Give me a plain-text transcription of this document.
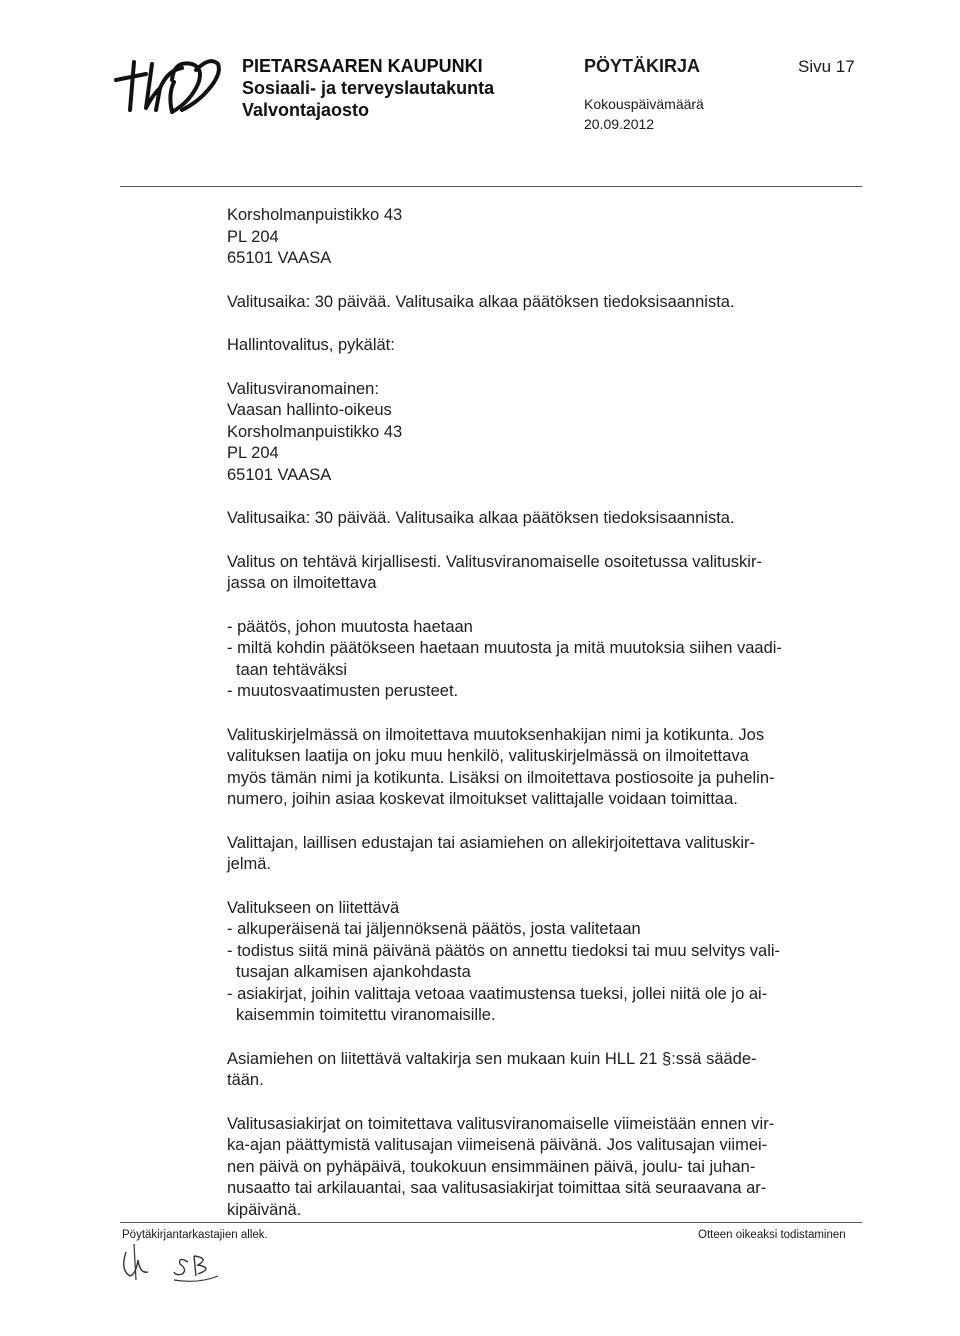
PIETARSAAREN KAUPUNKI
Sosiaali- ja terveyslautakunta
Valvontajaosto
PÖYTÄKIRJA	Sivu 17
Kokouspäivämäärä
20.09.2012
Korsholmanpuistikko 43
PL 204
65101 VAASA
Valitusaika: 30 päivää. Valitusaika alkaa päätöksen tiedoksisaannista.
Hallintovalitus, pykälät:
Valitusviranomainen:
Vaasan hallinto-oikeus
Korsholmanpuistikko 43
PL 204
65101 VAASA
Valitusaika: 30 päivää. Valitusaika alkaa päätöksen tiedoksisaannista.
Valitus on tehtävä kirjallisesti. Valitusviranomaiselle osoitetussa valituskir-
jassa on ilmoitettava
- päätös, johon muutosta haetaan
- miltä kohdin päätökseen haetaan muutosta ja mitä muutoksia siihen vaadi-
taan tehtäväksi
- muutosvaatimusten perusteet.
Valituskirjelmässä on ilmoitettava muutoksenhakijan nimi ja kotikunta. Jos
valituksen laatija on joku muu henkilö, valituskirjelmässä on ilmoitettava
myös tämän nimi ja kotikunta. Lisäksi on ilmoitettava postiosoite ja puhelin-
numero, joihin asiaa koskevat ilmoitukset valittajalle voidaan toimittaa.
Valittajan, laillisen edustajan tai asiamiehen on allekirjoitettava valituskir-
jelmä.
Valitukseen on liitettävä
- alkuperäisenä tai jäljennöksenä päätös, josta valitetaan
- todistus siitä minä päivänä päätös on annettu tiedoksi tai muu selvitys vali-
tusajan alkamisen ajankohdasta
- asiakirjat, joihin valittaja vetoaa vaatimustensa tueksi, jollei niitä ole jo ai-
kaisemmin toimitettu viranomaisille.
Asiamiehen on liitettävä valtakirja sen mukaan kuin HLL 21 §:ssä sääde-
tään.
Valitusasiakirjat on toimitettava valitusviranomaiselle viimeistään ennen vir-
ka-ajan päättymistä valitusajan viimeisenä päivänä. Jos valitusajan viimei-
nen päivä on pyhäpäivä, toukokuun ensimmäinen päivä, joulu- tai juhan-
nusaatto tai arkilauantai, saa valitusasiakirjat toimittaa sitä seuraavana ar-
kipäivänä.
Pöytäkirjantarkastajien allek.	Otteen oikeaksi todistaminen
